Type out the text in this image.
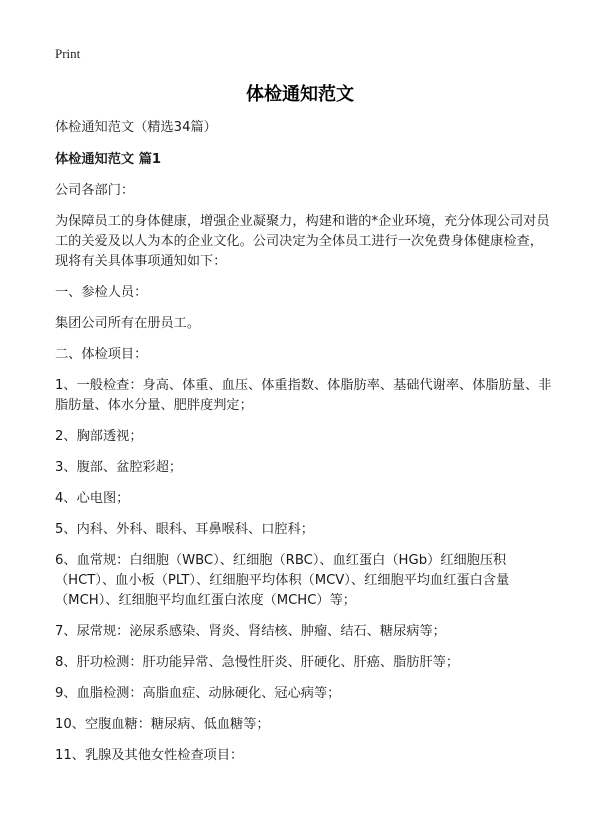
Print
体检通知范文

体检通知范文（精选34篇）

体检通知范文 篇1

公司各部门：

为保障员工的身体健康，增强企业凝聚力，构建和谐的*企业环境，充分体现公司对员工的关爱及以人为本的企业文化。公司决定为全体员工进行一次免费身体健康检查，现将有关具体事项通知如下：

一、参检人员：

集团公司所有在册员工。

二、体检项目：

1、一般检查：身高、体重、血压、体重指数、体脂肪率、基础代谢率、体脂肪量、非脂肪量、体水分量、肥胖度判定；

2、胸部透视；

3、腹部、盆腔彩超；

4、心电图；

5、内科、外科、眼科、耳鼻喉科、口腔科；

6、血常规：白细胞（WBC）、红细胞（RBC）、血红蛋白（HGb）红细胞压积（HCT）、血小板（PLT）、红细胞平均体积（MCV）、红细胞平均血红蛋白含量（MCH）、红细胞平均血红蛋白浓度（MCHC）等；

7、尿常规：泌尿系感染、肾炎、肾结核、肿瘤、结石、糖尿病等；

8、肝功检测：肝功能异常、急慢性肝炎、肝硬化、肝癌、脂肪肝等；

9、血脂检测：高脂血症、动脉硬化、冠心病等；

10、空腹血糖：糖尿病、低血糖等；

11、乳腺及其他女性检查项目：
